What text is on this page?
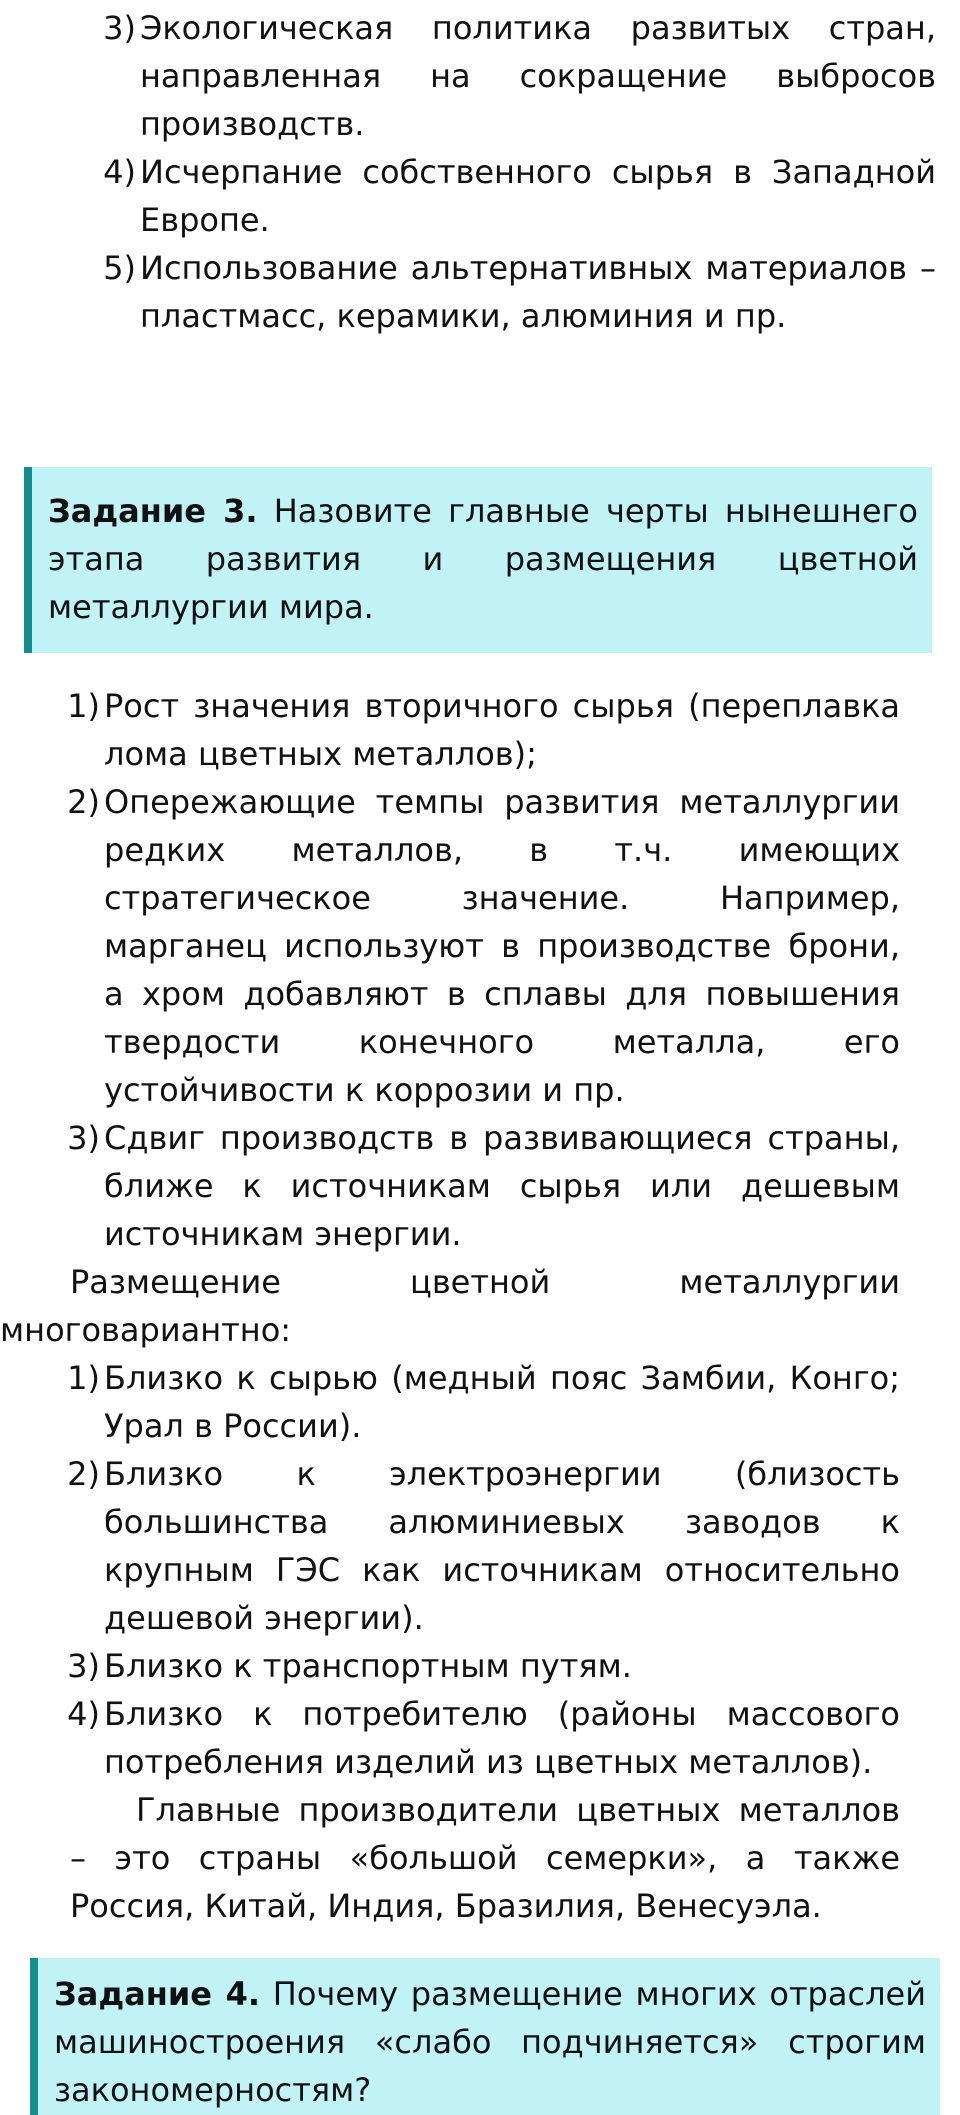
3) Экологическая политика развитых стран, направленная на сокращение выбросов производств.
4) Исчерпание собственного сырья в Западной Европе.
5) Использование альтернативных материалов – пластмасс, керамики, алюминия и пр.
Задание 3. Назовите главные черты нынешнего этапа развития и размещения цветной металлургии мира.
1) Рост значения вторичного сырья (переплавка лома цветных металлов);
2) Опережающие темпы развития металлургии редких металлов, в т.ч. имеющих стратегическое значение. Например, марганец используют в производстве брони, а хром добавляют в сплавы для повышения твердости конечного металла, его устойчивости к коррозии и пр.
3) Сдвиг производств в развивающиеся страны, ближе к источникам сырья или дешевым источникам энергии.

Размещение цветной металлургии

многовариантно:

1) Близко к сырью (медный пояс Замбии, Конго; Урал в России).
2) Близко к электроэнергии (близость большинства алюминиевых заводов к крупным ГЭС как источникам относительно дешевой энергии).
3) Близко к транспортным путям.
4) Близко к потребителю (районы массового потребления изделий из цветных металлов).

Главные производители цветных металлов – это страны «большой семерки», а также Россия, Китай, Индия, Бразилия, Венесуэла.

Задание 4. Почему размещение многих отраслей машиностроения «слабо подчиняется» строгим закономерностям?
